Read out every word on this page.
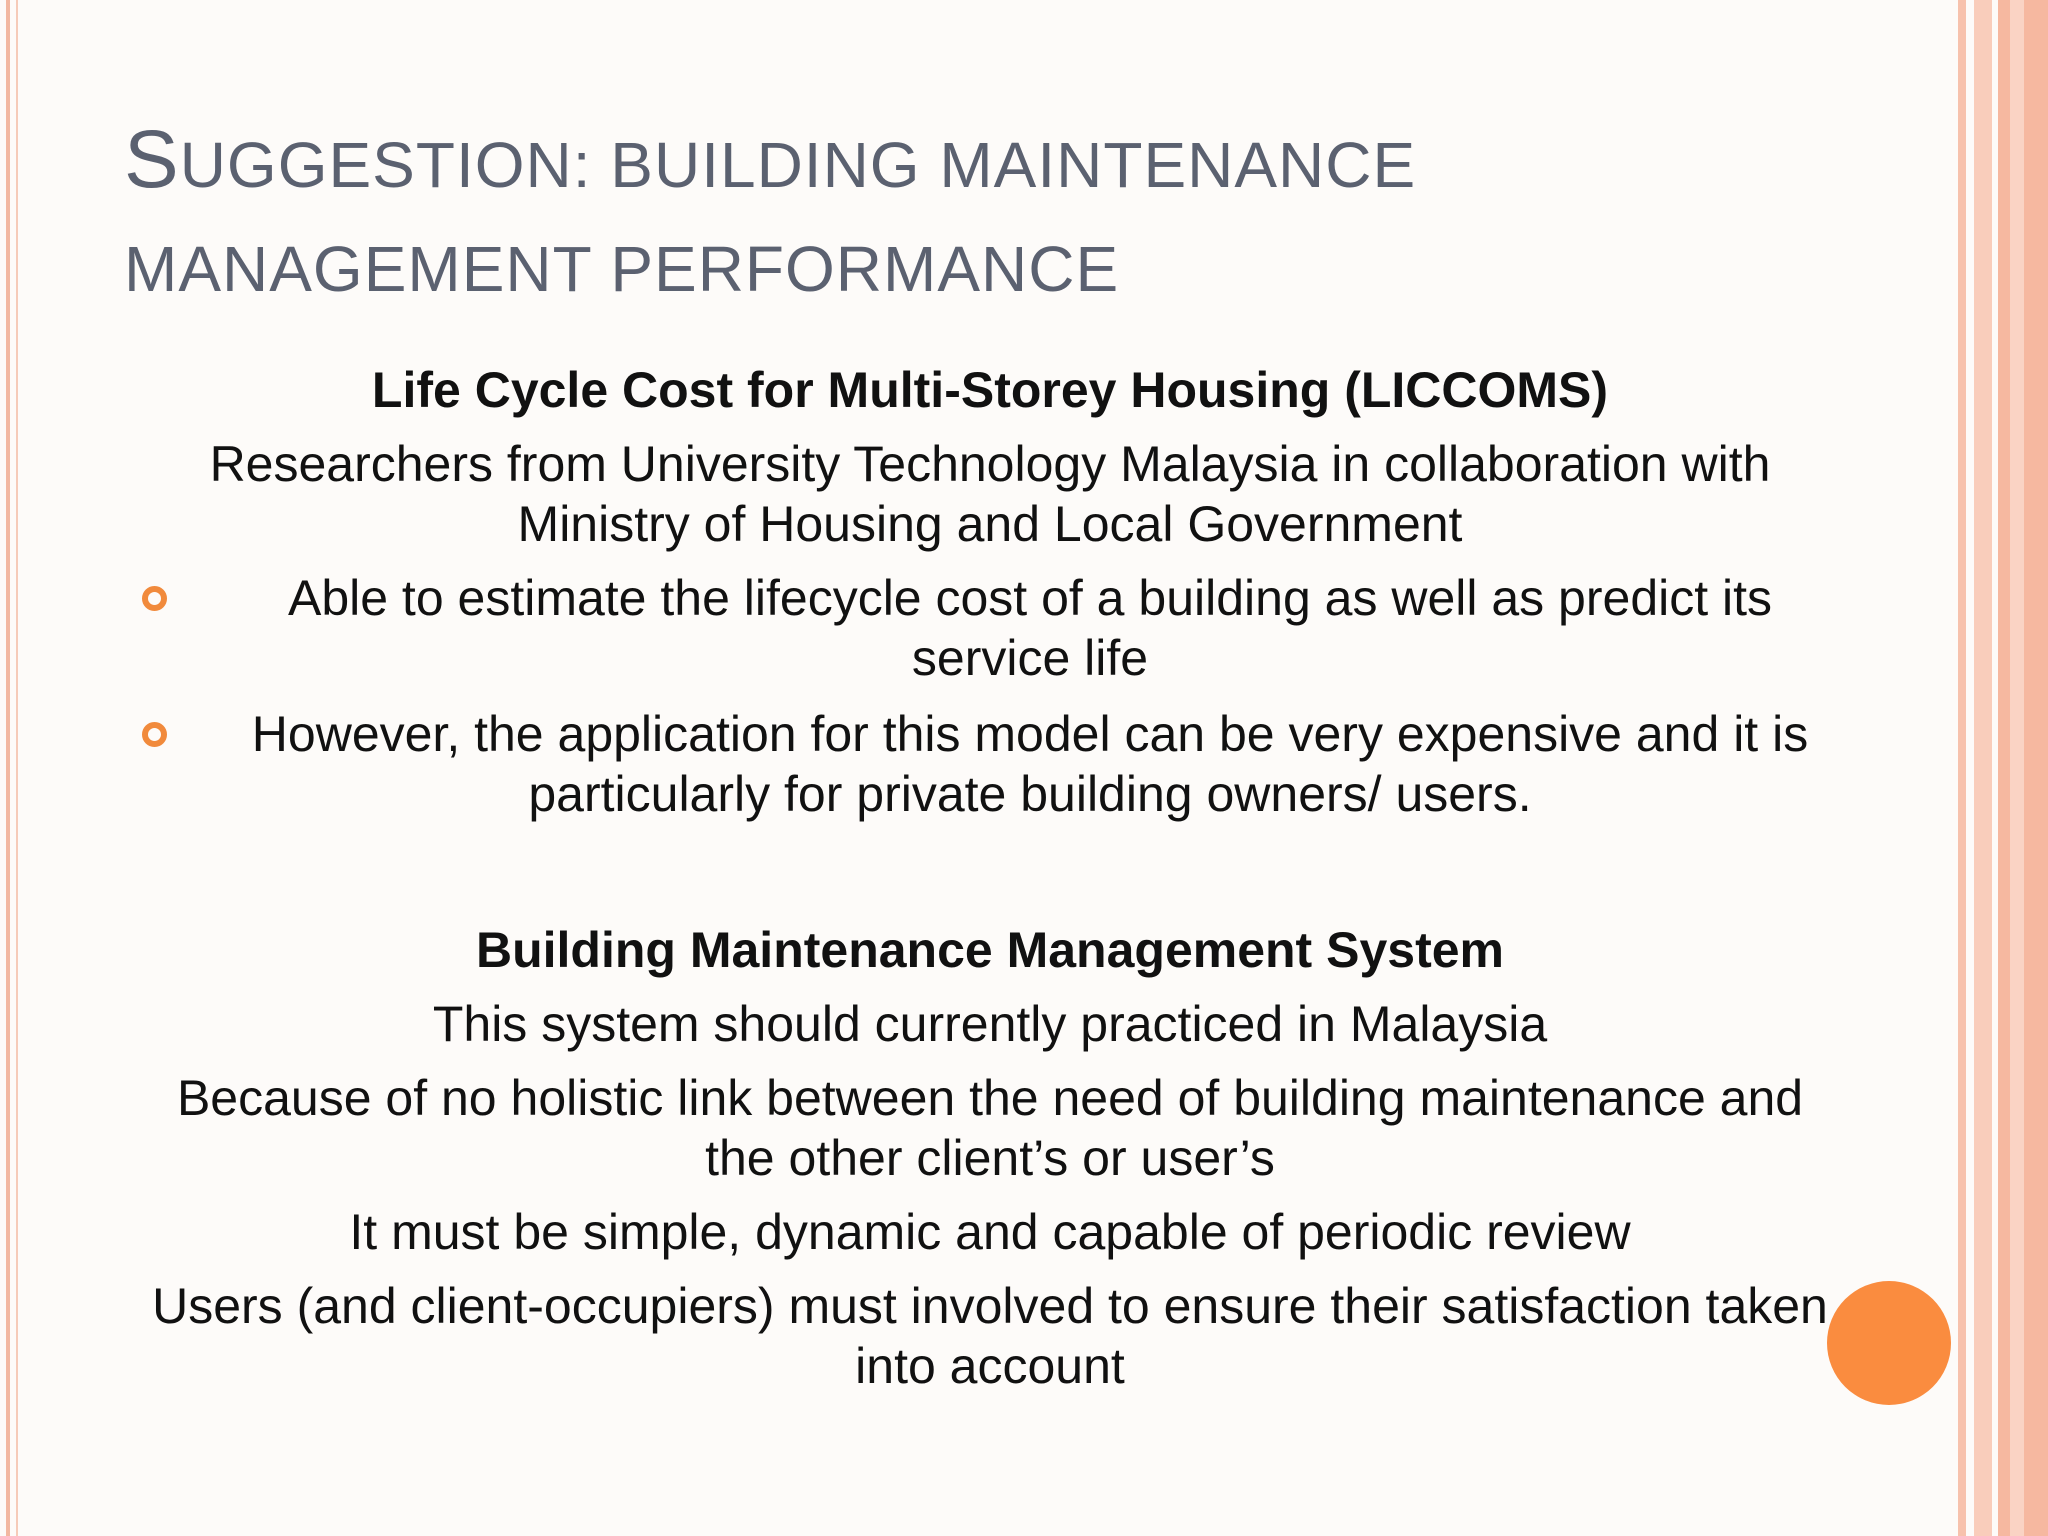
SUGGESTION: BUILDING MAINTENANCE
MANAGEMENT PERFORMANCE
Life Cycle Cost for Multi-Storey Housing (LICCOMS)
Researchers from University Technology Malaysia in collaboration with Ministry of Housing and Local Government
Able to estimate the lifecycle cost of a building as well as predict its service life
However, the application for this model can be very expensive and it is particularly for private building owners/ users.
Building Maintenance Management System
This system should currently practiced in Malaysia
Because of no holistic link between the need of building maintenance and the other client’s or user’s
It must be simple, dynamic and capable of periodic review
Users (and client-occupiers) must involved to ensure their satisfaction taken into account
